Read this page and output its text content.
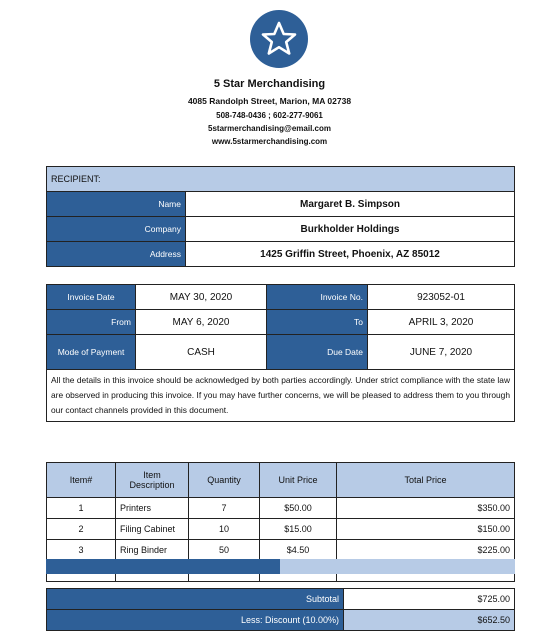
5 Star Merchandising
4085 Randolph Street, Marion, MA 02738
508-748-0436 ; 602-277-9061
5starmerchandising@email.com
www.5starmerchandising.com
RECIPIENT:	
Name	Margaret B. Simpson
Company	Burkholder Holdings
Address	1425 Griffin Street, Phoenix, AZ 85012
Invoice Date	MAY 30, 2020	Invoice No.	923052-01
From	MAY 6, 2020	To	APRIL 3, 2020
Mode of Payment	CASH	Due Date	JUNE 7, 2020
All the details in this invoice should be acknowledged by both parties accordingly. Under strict compliance with the state law are observed in producing this invoice. If you may have further concerns, we will be pleased to address them to you through our contact channels provided in this document.			
Item#	Item Description	Quantity	Unit Price	Total Price
1	Printers	7	$50.00	$350.00
2	Filing Cabinet	10	$15.00	$150.00
3	Ring Binder	50	$4.50	$225.00

Subtotal	$725.00
Less: Discount (10.00%)	$652.50
